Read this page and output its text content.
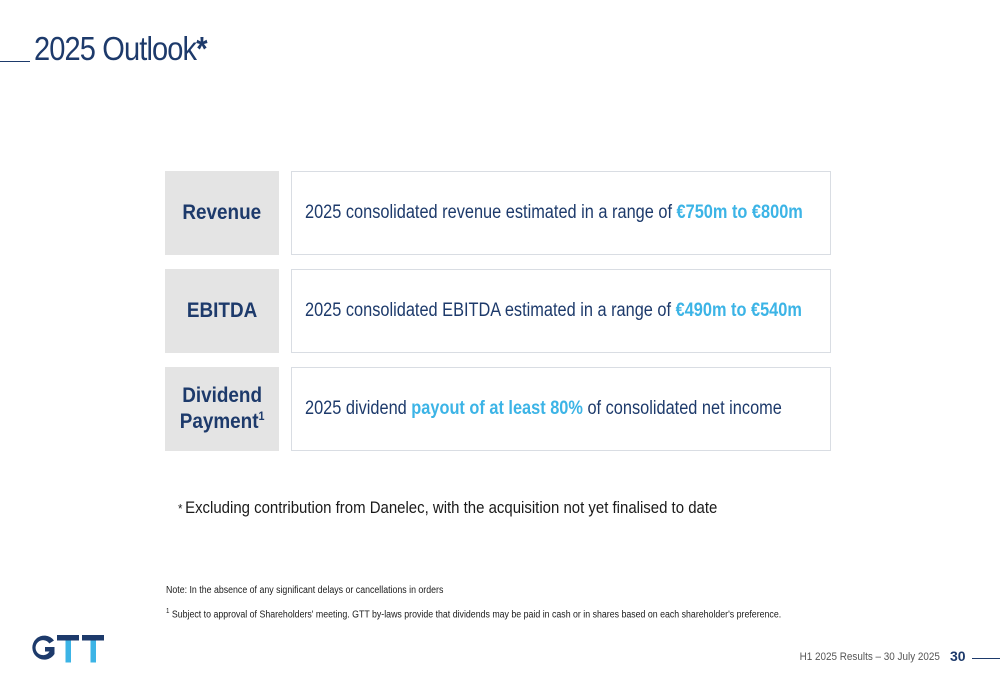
2025 Outlook*
Revenue 2025 consolidated revenue estimated in a range of €750m to €800m
EBITDA	2025 consolidated EBITDA estimated in a range of €490m to €540m
Dividend
Payment$^1$ 2025 dividend payout of at least 80% of consolidated net income
* Excluding contribution from Danelec, with the acquisition not yet finalised to date
Note: In the absence of any significant delays or cancellations in orders
$^1$ Subject to approval of Shareholders' meeting. GTT by-laws provide that dividends may be paid in cash or in shares based on each shareholder's preference.
H1 2025 Results – 30 July 2025 30
